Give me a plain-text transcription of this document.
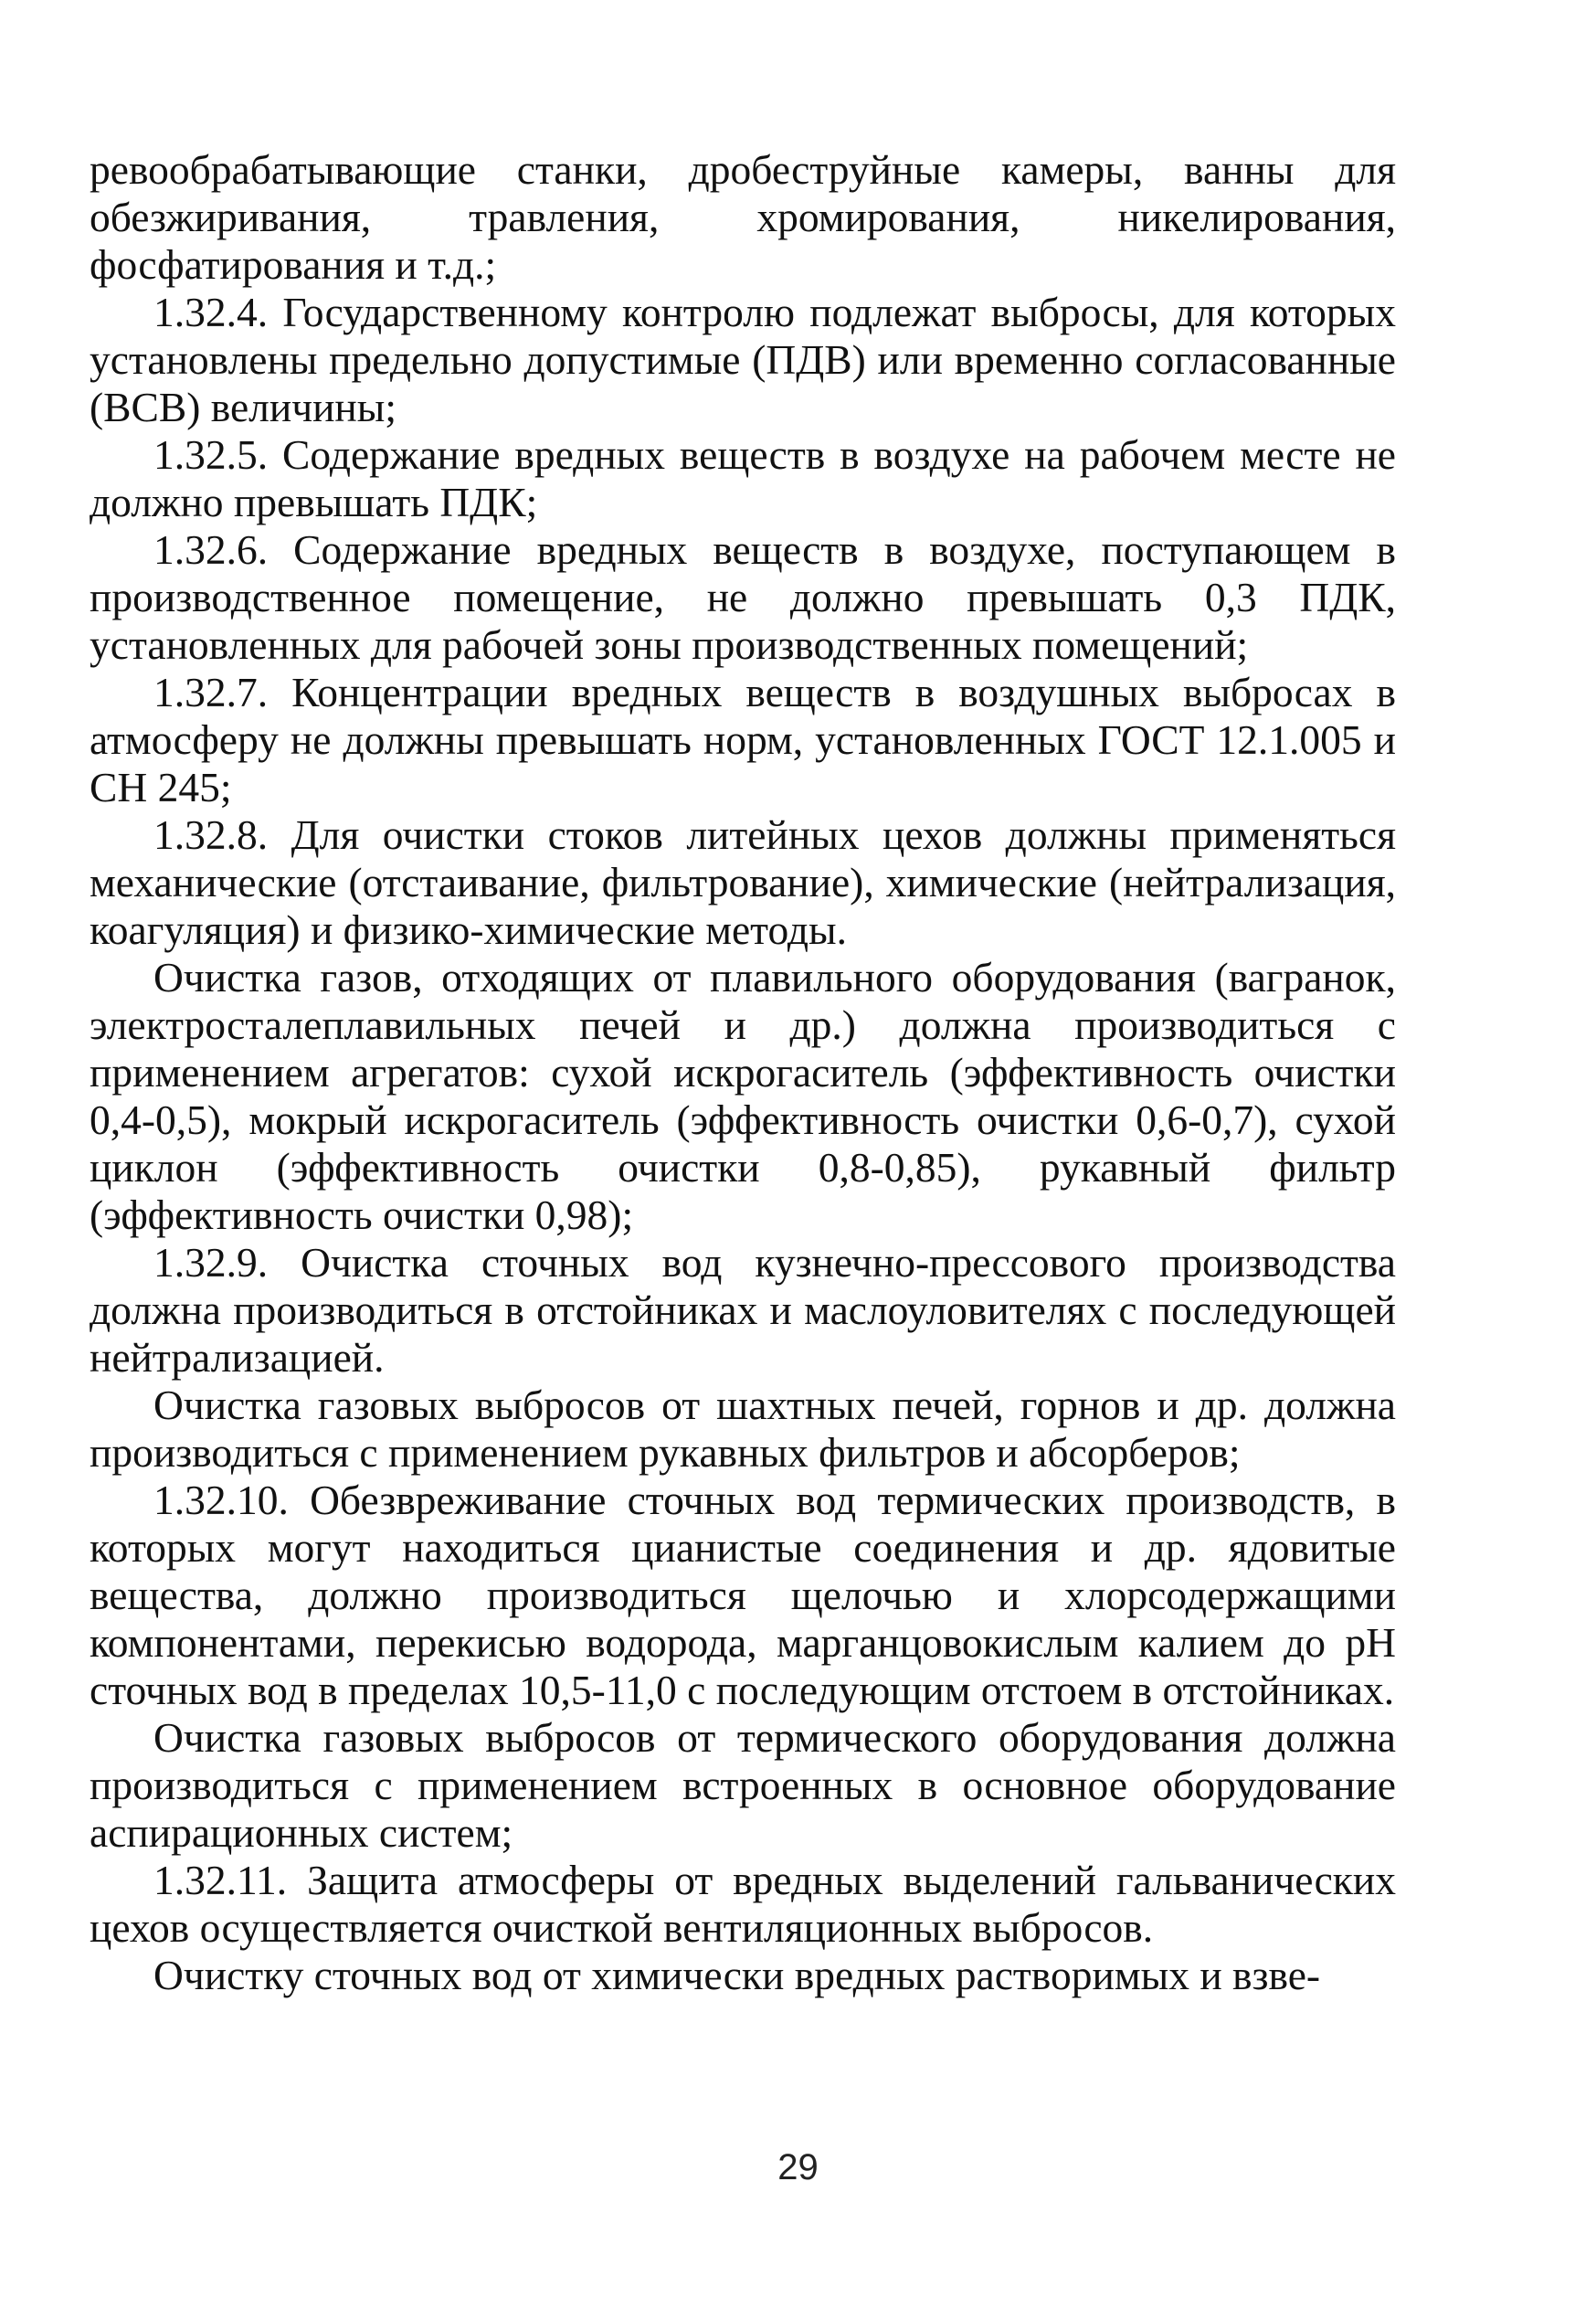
ревообрабатывающие станки, дробеструйные камеры, ванны для обезжиривания, травления, хромирования, никелирования, фосфатирования и т.д.;

1.32.4. Государственному контролю подлежат выбросы, для которых установлены предельно допустимые (ПДВ) или временно согласованные (ВСВ) величины;

1.32.5. Содержание вредных веществ в воздухе на рабочем месте не должно превышать ПДК;

1.32.6. Содержание вредных веществ в воздухе, поступающем в производственное помещение, не должно превышать 0,3 ПДК, установленных для рабочей зоны производственных помещений;

1.32.7. Концентрации вредных веществ в воздушных выбросах в атмосферу не должны превышать норм, установленных ГОСТ 12.1.005 и СН 245;

1.32.8. Для очистки стоков литейных цехов должны применяться механические (отстаивание, фильтрование), химические (нейтрализация, коагуляция) и физико-химические методы.

Очистка газов, отходящих от плавильного оборудования (вагранок, электросталеплавильных печей и др.) должна производиться с применением агрегатов: сухой искрогаситель (эффективность очистки 0,4-0,5), мокрый искрогаситель (эффективность очистки 0,6-0,7), сухой циклон (эффективность очистки 0,8-0,85), рукавный фильтр (эффективность очистки 0,98);

1.32.9. Очистка сточных вод кузнечно-прессового производства должна производиться в отстойниках и маслоуловителях с последующей нейтрализацией.

Очистка газовых выбросов от шахтных печей, горнов и др. должна производиться с применением рукавных фильтров и абсорберов;

1.32.10. Обезвреживание сточных вод термических производств, в которых могут находиться цианистые соединения и др. ядовитые вещества, должно производиться щелочью и хлорсодержащими компонентами, перекисью водорода, марганцовокислым калием до pH сточных вод в пределах 10,5-11,0 с последующим отстоем в отстойниках.

Очистка газовых выбросов от термического оборудования должна производиться с применением встроенных в основное оборудование аспирационных систем;

1.32.11. Защита атмосферы от вредных выделений гальванических цехов осуществляется очисткой вентиляционных выбросов.

Очистку сточных вод от химически вредных растворимых и взве-

29
